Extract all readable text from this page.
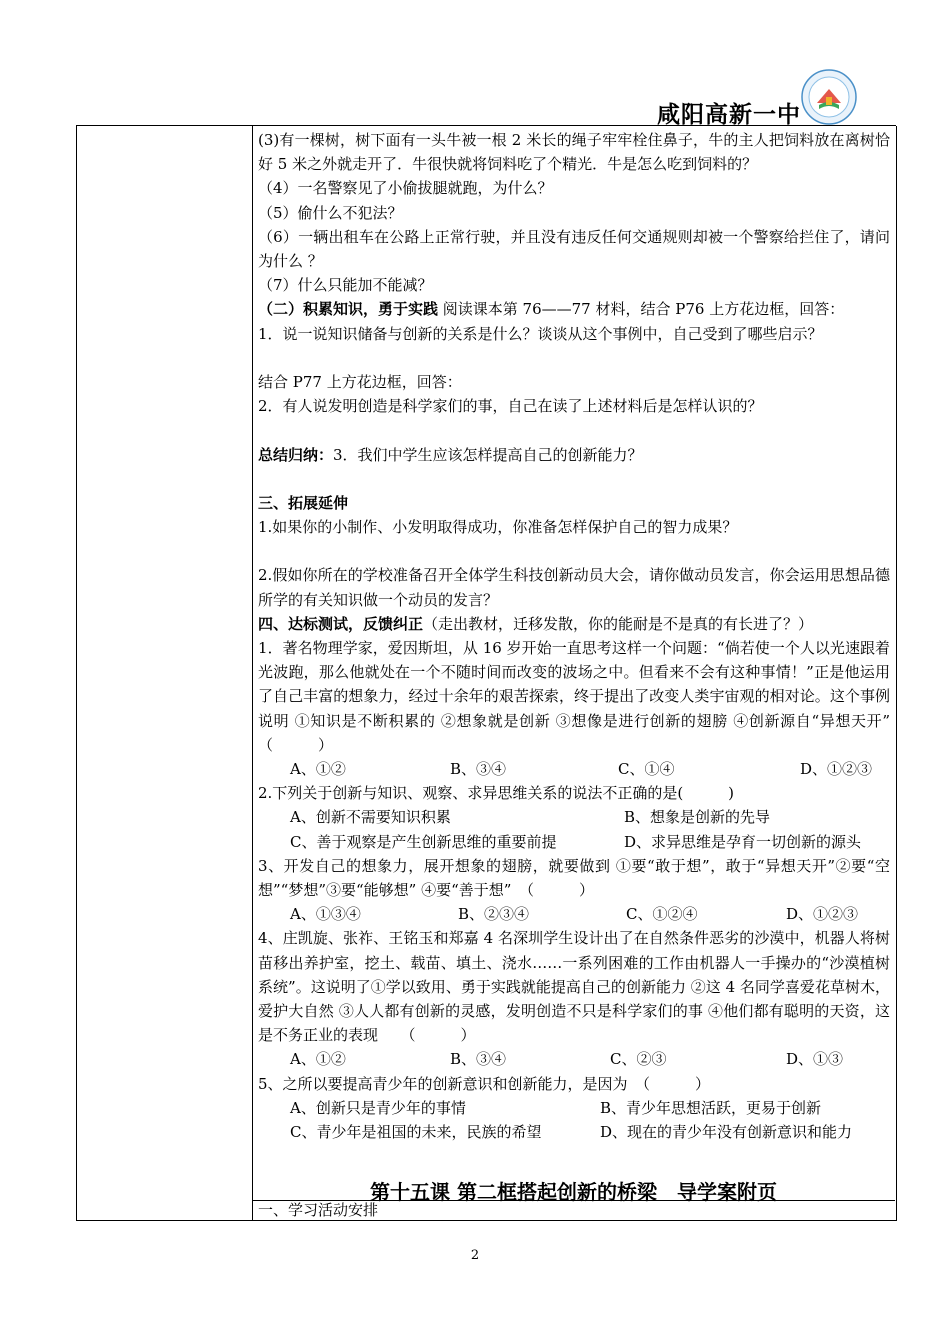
咸阳高新一中
(3)有一棵树，树下面有一头牛被一根 2 米长的绳子牢牢栓住鼻子，牛的主人把饲料放在离树恰好 5 米之外就走开了．牛很快就将饲料吃了个精光．牛是怎么吃到饲料的？
（4）一名警察见了小偷拔腿就跑，为什么？
（5）偷什么不犯法？
（6）一辆出租车在公路上正常行驶，并且没有违反任何交通规则却被一个警察给拦住了，请问为什么 ？
（7）什么只能加不能减？
（二）积累知识，勇于实践 阅读课本第 76——77 材料，结合 P76 上方花边框，回答：
1．说一说知识储备与创新的关系是什么？谈谈从这个事例中，自己受到了哪些启示？
结合 P77 上方花边框，回答：
2．有人说发明创造是科学家们的事，自己在读了上述材料后是怎样认识的？
总结归纳：3．我们中学生应该怎样提高自己的创新能力？
三、拓展延伸
1.如果你的小制作、小发明取得成功，你准备怎样保护自己的智力成果？
2.假如你所在的学校准备召开全体学生科技创新动员大会，请你做动员发言，你会运用思想品德所学的有关知识做一个动员的发言？
四、达标测试，反馈纠正（走出教材，迁移发散，你的能耐是不是真的有长进了？）
1．著名物理学家，爱因斯坦，从 16 岁开始一直思考这样一个问题：“倘若使一个人以光速跟着光波跑，那么他就处在一个不随时间而改变的波场之中。但看来不会有这种事情！”正是他运用了自己丰富的想象力，经过十余年的艰苦探索，终于提出了改变人类宇宙观的相对论。这个事例说明 ①知识是不断积累的 ②想象就是创新 ③想像是进行创新的翅膀 ④创新源自“异想天开”　（　　　）
A、①②	B、③④	C、①④	D、①②③
2.下列关于创新与知识、观察、求异思维关系的说法不正确的是(　　　)
A、创新不需要知识积累	B、想象是创新的先导
C、善于观察是产生创新思维的重要前提	D、求异思维是孕育一切创新的源头
3、开发自己的想象力，展开想象的翅膀，就要做到 ①要“敢于想”，敢于“异想天开”②要“空想”“梦想”③要“能够想” ④要“善于想”　（　　　）
A、①③④	B、②③④	C、①②④	D、①②③
4、庄凯旋、张祚、王铭玉和郑嘉 4 名深圳学生设计出了在自然条件恶劣的沙漠中，机器人将树苗移出养护室，挖土、载苗、填土、浇水……一系列困难的工作由机器人一手操办的“沙漠植树系统”。这说明了①学以致用、勇于实践就能提高自己的创新能力 ②这 4 名同学喜爱花草树木，爱护大自然 ③人人都有创新的灵感，发明创造不只是科学家们的事 ④他们都有聪明的天资，这是不务正业的表现　　（　　　）
A、①②	B、③④	C、②③	D、①③
5、之所以要提高青少年的创新意识和创新能力，是因为　（　　　）
A、创新只是青少年的事情	B、青少年思想活跃，更易于创新
C、青少年是祖国的未来，民族的希望	D、现在的青少年没有创新意识和能力
第十五课 第二框搭起创新的桥梁　导学案附页
一、学习活动安排
2
